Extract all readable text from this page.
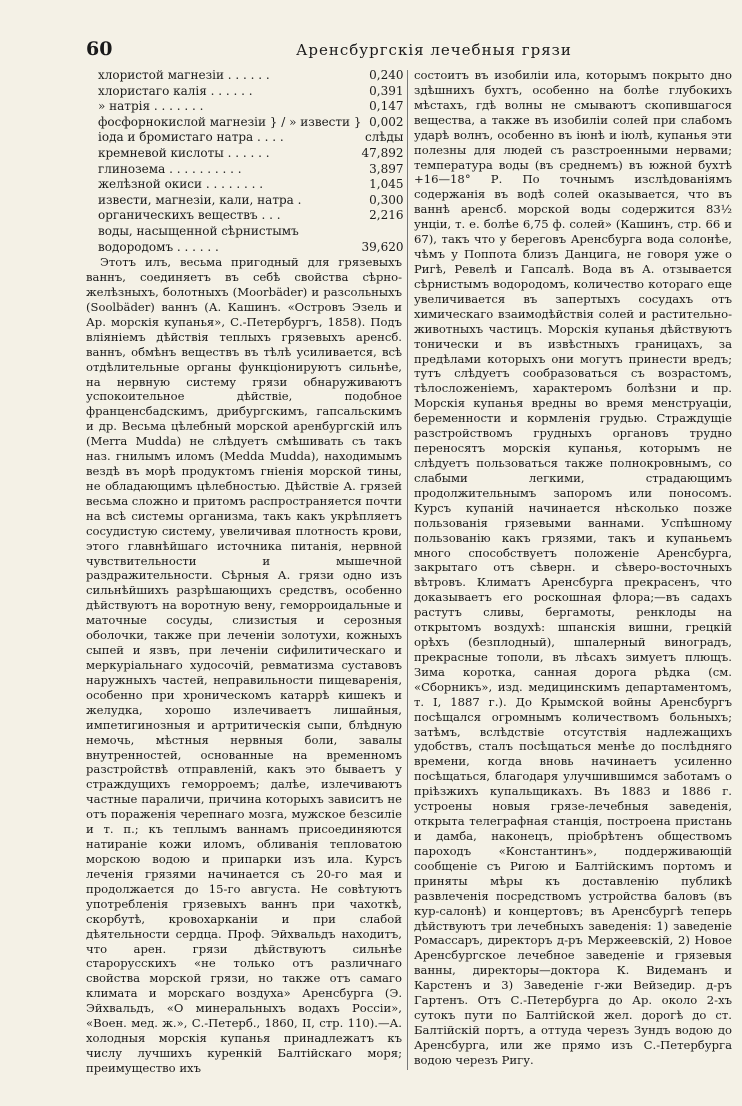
60	Аренсбургскія лечебныя грязи
хлористой магнезіи . . . . . .	0,240
хлористаго калія . . . . . .	0,391
» натрія . . . . . . .	0,147
фосфорнокислой магнезіи } / » извести }	0,002
іода и бромистаго натра . . . .	слѣды
кремневой кислоты . . . . . .	47,892
глинозема . . . . . . . . . .	3,897
желѣзной окиси . . . . . . . .	1,045
извести, магнезіи, кали, натра .	0,300
органическихъ веществъ . . .	2,216
воды, насыщенной сѣрнистымъ водородомъ . . . . . .	39,620
Этотъ илъ, весьма пригодный для грязевыхъ ваннъ, соединяетъ въ себѣ свойства сѣрно-желѣзныхъ, болотныхъ (Moorbäder) и разсольныхъ (Soolbäder) ваннъ (А. Кашинъ. «Островъ Эзель и Ар. морскія купанья», С.-Петербургъ, 1858). Подъ вліяніемъ дѣйствія теплыхъ грязевыхъ аренсб. ваннъ, обмѣнъ веществъ въ тѣлѣ усиливается, всѣ отдѣлительные органы функціонируютъ сильнѣе, на нервную систему грязи обнаруживаютъ успокоительное дѣйствіе, подобное франценсбадскимъ, дрибургскимъ, гапсальскимъ и др. Весьма цѣлебный морской аренбургскій илъ (Merra Mudda) не слѣдуетъ смѣшивать съ такъ наз. гнилымъ иломъ (Medda Mudda), находимымъ вездѣ въ морѣ продуктомъ гніенія морской тины, не обладающимъ цѣлебностью. Дѣйствіе А. грязей весьма сложно и притомъ распространяется почти на всѣ системы организма, такъ какъ укрѣпляетъ сосудистую систему, увеличивая плотность крови, этого главнѣйшаго источника питанія, нервной чувствительности и мышечной раздражительности. Сѣрныя А. грязи одно изъ сильнѣйшихъ разрѣшающихъ средствъ, особенно дѣйствуютъ на воротную вену, геморроидальные и маточные сосуды, слизистыя и серозныя оболочки, также при леченіи золотухи, кожныхъ сыпей и язвъ, при леченіи сифилитическаго и меркуріальнаго худосочій, ревматизма суставовъ наружныхъ частей, неправильности пищеваренія, особенно при хроническомъ катаррѣ кишекъ и желудка, хорошо излечиваетъ лишайныя, импетигинозныя и артритическія сыпи, блѣдную немочь, мѣстныя нервныя боли, завалы внутренностей, основанные на временномъ разстройствѣ отправленій, какъ это бываетъ у страждущихъ геморроемъ; далѣе, излечиваютъ частные параличи, причина которыхъ зависитъ не отъ пораженія черепнаго мозга, мужское безсиліе и т. п.; къ теплымъ ваннамъ присоединяются натираніе кожи иломъ, обливанія тепловатою морскою водою и припарки изъ ила. Курсъ леченія грязями начинается съ 20-го мая и продолжается до 15-го августа. Не совѣтуютъ употребленія грязевыхъ ваннъ при чахоткѣ, скорбутѣ, кровохарканіи и при слабой дѣятельности сердца. Проф. Эйхвальдъ находитъ, что арен. грязи дѣйствуютъ сильнѣе старорусскихъ «не только отъ различнаго свойства морской грязи, но также отъ самаго климата и морскаго воздуха» Аренсбурга (Э. Эйхвальдъ, «О минеральныхъ водахъ Россіи», «Воен. мед. ж.», С.-Петерб., 1860, II, стр. 110).—А. холодныя морскія купанья принадлежатъ къ числу лучшихъ куренкій Балтійскаго моря; преимущество ихъ
состоитъ въ изобиліи ила, которымъ покрыто дно здѣшнихъ бухтъ, особенно на болѣе глубокихъ мѣстахъ, гдѣ волны не смываютъ скопившагося вещества, а также въ изобиліи солей при слабомъ ударѣ волнъ, особенно въ іюнѣ и іюлѣ, купанья эти полезны для людей съ разстроенными нервами; температура воды (въ среднемъ) въ южной бухтѣ +16—18° Р. По точнымъ изслѣдованіямъ содержанія въ водѣ солей оказывается, что въ ваннѣ аренсб. морской воды содержится 83½ унціи, т. е. болѣе 6,75 ф. солей» (Кашинъ, стр. 66 и 67), такъ что у береговъ Аренсбурга вода солонѣе, чѣмъ у Поппота близъ Данцига, не говоря уже о Ригѣ, Ревелѣ и Гапсалѣ. Вода въ А. отзывается сѣрнистымъ водородомъ, количество котораго еще увеличивается въ запертыхъ сосудахъ отъ химическаго взаимодѣйствія солей и растительно-животныхъ частицъ. Морскія купанья дѣйствуютъ тонически и въ извѣстныхъ границахъ, за предѣлами которыхъ они могутъ принести вредъ; тутъ слѣдуетъ сообразоваться съ возрастомъ, тѣлосложеніемъ, характеромъ болѣзни и пр. Морскія купанья вредны во время менструаціи, беременности и кормленія грудью. Страждущіе разстройствомъ грудныхъ органовъ трудно переносятъ морскія купанья, которымъ не слѣдуетъ пользоваться также полнокровнымъ, со слабыми легкими, страдающимъ продолжительнымъ запоромъ или поносомъ. Курсъ купаній начинается нѣсколько позже пользованія грязевыми ваннами. Успѣшному пользованію какъ грязями, такъ и купаньемъ много способствуетъ положеніе Аренсбурга, закрытаго отъ сѣверн. и сѣверо-восточныхъ вѣтровъ. Климатъ Аренсбурга прекрасенъ, что доказываетъ его роскошная флора;—въ садахъ растутъ сливы, бергамоты, ренклоды на открытомъ воздухѣ: шпанскія вишни, грецкій орѣхъ (безплодный), шпалерный виноградъ, прекрасные тополи, въ лѣсахъ зимуетъ плющъ. Зима коротка, санная дорога рѣдка (см. «Сборникъ», изд. медицинскимъ департаментомъ, т. I, 1887 г.). До Крымской войны Аренсбургъ посѣщался огромнымъ количествомъ больныхъ; затѣмъ, вслѣдствіе отсутствія надлежащихъ удобствъ, сталъ посѣщаться менѣе до послѣдняго времени, когда вновь начинаетъ усиленно посѣщаться, благодаря улучшившимся заботамъ о пріѣзжихъ купальщикахъ. Въ 1883 и 1886 г. устроены новыя грязе-лечебныя заведенія, открыта телеграфная станція, построена пристань и дамба, наконецъ, пріобрѣтенъ обществомъ пароходъ «Константинъ», поддерживающій сообщеніе съ Ригою и Балтійскимъ портомъ и приняты мѣры къ доставленію публикѣ развлеченія посредствомъ устройства баловъ (въ кур-салонѣ) и концертовъ; въ Аренсбургѣ теперь дѣйствуютъ три лечебныхъ заведенія: 1) заведеніе Ромассаръ, директоръ д-ръ Мержеевскій, 2) Новое Аренсбургское лечебное заведеніе и грязевыя ванны, директоры—доктора К. Видеманъ и Карстенъ и 3) Заведеніе г-жи Вейзедир. д-ръ Гартенъ. Отъ С.-Петербурга до Ар. около 2-хъ сутокъ пути по Балтійской жел. дорогѣ до ст. Балтійскій портъ, а оттуда черезъ Зундъ водою до Аренсбурга, или же прямо изъ С.-Петербурга водою черезъ Ригу.
